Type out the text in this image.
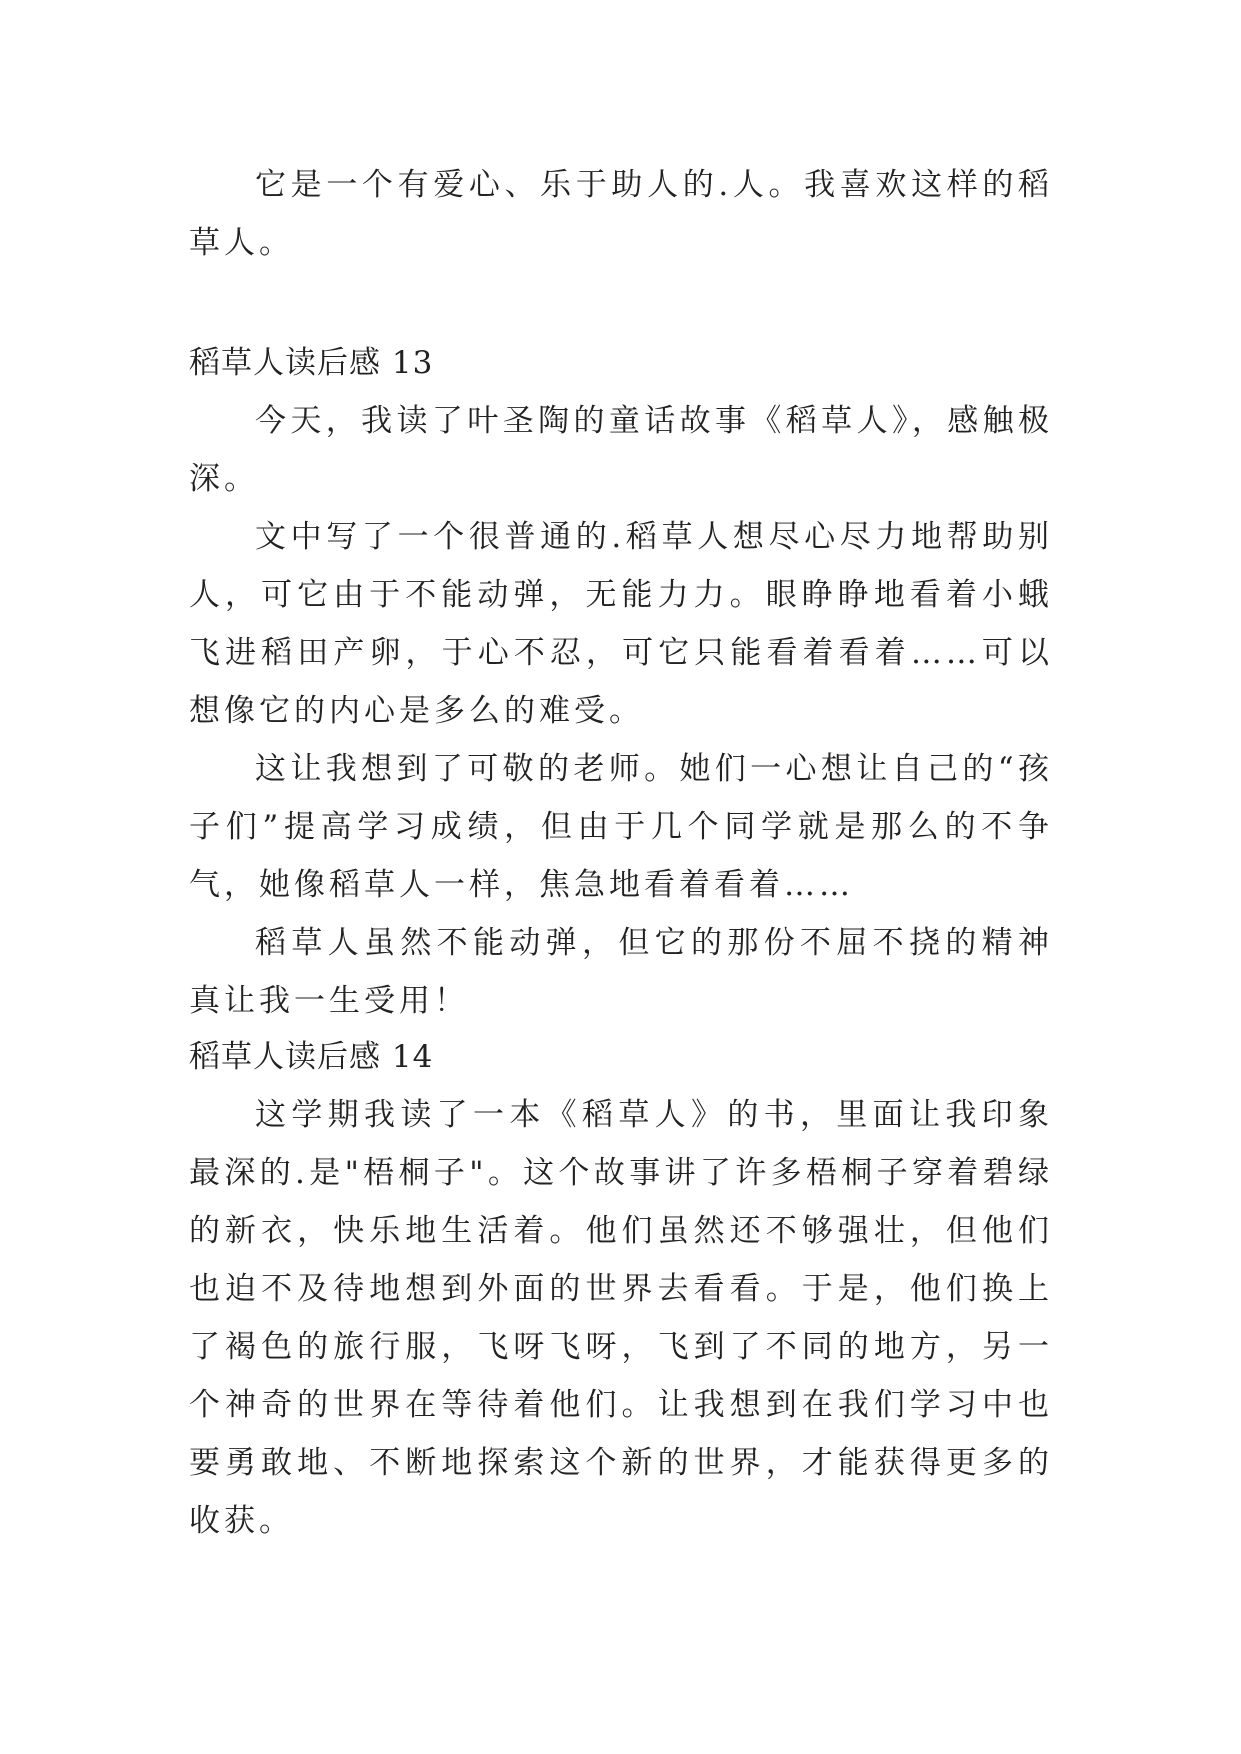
它是一个有爱心、乐于助人的.人。我喜欢这样的稻草人。

稻草人读后感 13

今天，我读了叶圣陶的童话故事《稻草人》，感触极深。

文中写了一个很普通的.稻草人想尽心尽力地帮助别人，可它由于不能动弹，无能力力。眼睁睁地看着小蛾飞进稻田产卵，于心不忍，可它只能看着看着……可以想像它的内心是多么的难受。

这让我想到了可敬的老师。她们一心想让自己的“孩子们”提高学习成绩，但由于几个同学就是那么的不争气，她像稻草人一样，焦急地看着看着……

稻草人虽然不能动弹，但它的那份不屈不挠的精神真让我一生受用！

稻草人读后感 14

这学期我读了一本《稻草人》的书，里面让我印象最深的.是"梧桐子"。这个故事讲了许多梧桐子穿着碧绿的新衣，快乐地生活着。他们虽然还不够强壮，但他们也迫不及待地想到外面的世界去看看。于是，他们换上了褐色的旅行服，飞呀飞呀，飞到了不同的地方，另一个神奇的世界在等待着他们。让我想到在我们学习中也要勇敢地、不断地探索这个新的世界，才能获得更多的收获。
